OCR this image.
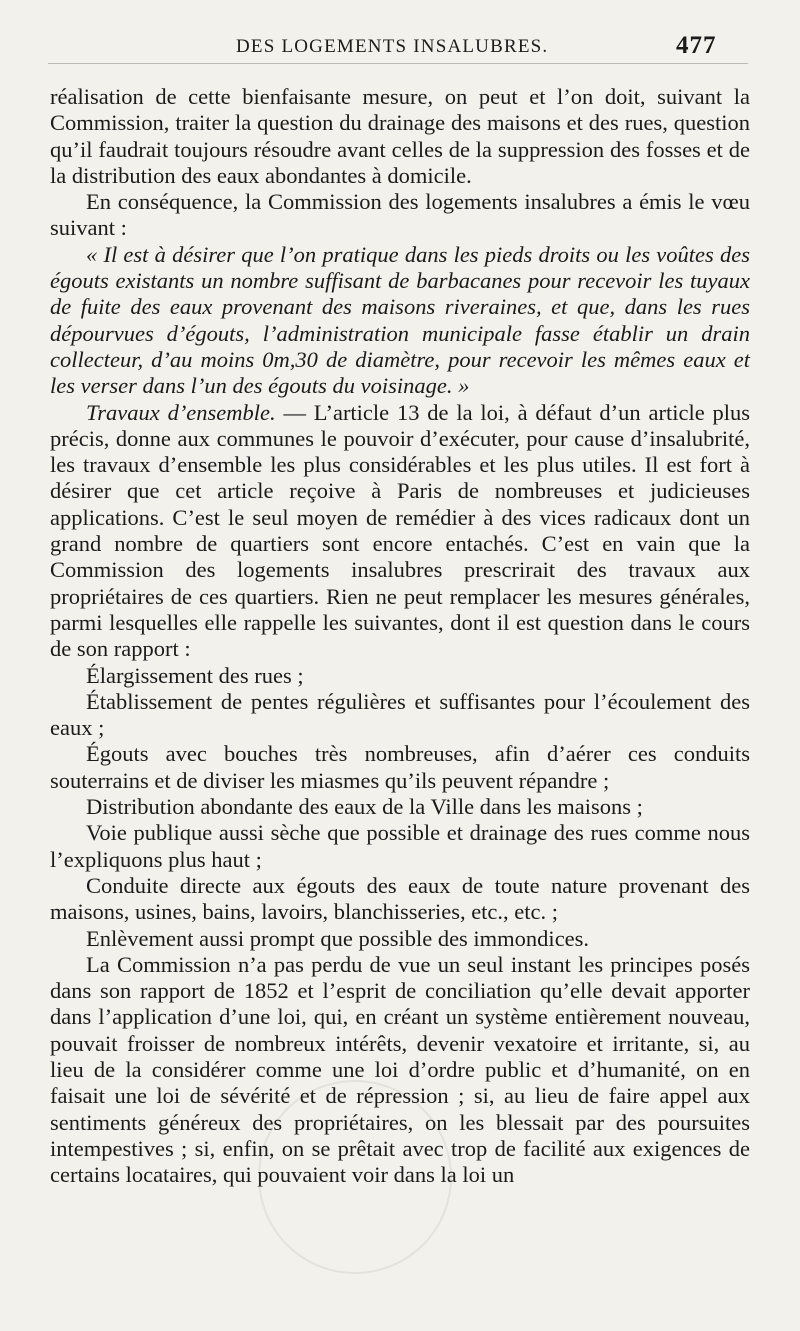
DES LOGEMENTS INSALUBRES.	477

réalisation de cette bienfaisante mesure, on peut et l’on doit, suivant la Commission, traiter la question du drainage des maisons et des rues, question qu’il faudrait toujours résoudre avant celles de la suppression des fosses et de la distribution des eaux abondantes à domicile.

En conséquence, la Commission des logements insalubres a émis le vœu suivant :

« Il est à désirer que l’on pratique dans les pieds droits ou les voûtes des égouts existants un nombre suffisant de barbacanes pour recevoir les tuyaux de fuite des eaux provenant des maisons riveraines, et que, dans les rues dépourvues d’égouts, l’administration municipale fasse établir un drain collecteur, d’au moins 0m,30 de diamètre, pour recevoir les mêmes eaux et les verser dans l’un des égouts du voisinage. »

Travaux d’ensemble. — L’article 13 de la loi, à défaut d’un article plus précis, donne aux communes le pouvoir d’exécuter, pour cause d’insalubrité, les travaux d’ensemble les plus considérables et les plus utiles. Il est fort à désirer que cet article reçoive à Paris de nombreuses et judicieuses applications. C’est le seul moyen de remédier à des vices radicaux dont un grand nombre de quartiers sont encore entachés. C’est en vain que la Commission des logements insalubres prescrirait des travaux aux propriétaires de ces quartiers. Rien ne peut remplacer les mesures générales, parmi lesquelles elle rappelle les suivantes, dont il est question dans le cours de son rapport :

Élargissement des rues ;

Établissement de pentes régulières et suffisantes pour l’écoulement des eaux ;

Égouts avec bouches très nombreuses, afin d’aérer ces conduits souterrains et de diviser les miasmes qu’ils peuvent répandre ;

Distribution abondante des eaux de la Ville dans les maisons ;

Voie publique aussi sèche que possible et drainage des rues comme nous l’expliquons plus haut ;

Conduite directe aux égouts des eaux de toute nature provenant des maisons, usines, bains, lavoirs, blanchisseries, etc., etc. ;

Enlèvement aussi prompt que possible des immondices.

La Commission n’a pas perdu de vue un seul instant les principes posés dans son rapport de 1852 et l’esprit de conciliation qu’elle devait apporter dans l’application d’une loi, qui, en créant un système entièrement nouveau, pouvait froisser de nombreux intérêts, devenir vexatoire et irritante, si, au lieu de la considérer comme une loi d’ordre public et d’humanité, on en faisait une loi de sévérité et de répression ; si, au lieu de faire appel aux sentiments généreux des propriétaires, on les blessait par des poursuites intempestives ; si, enfin, on se prêtait avec trop de facilité aux exigences de certains locataires, qui pouvaient voir dans la loi un
